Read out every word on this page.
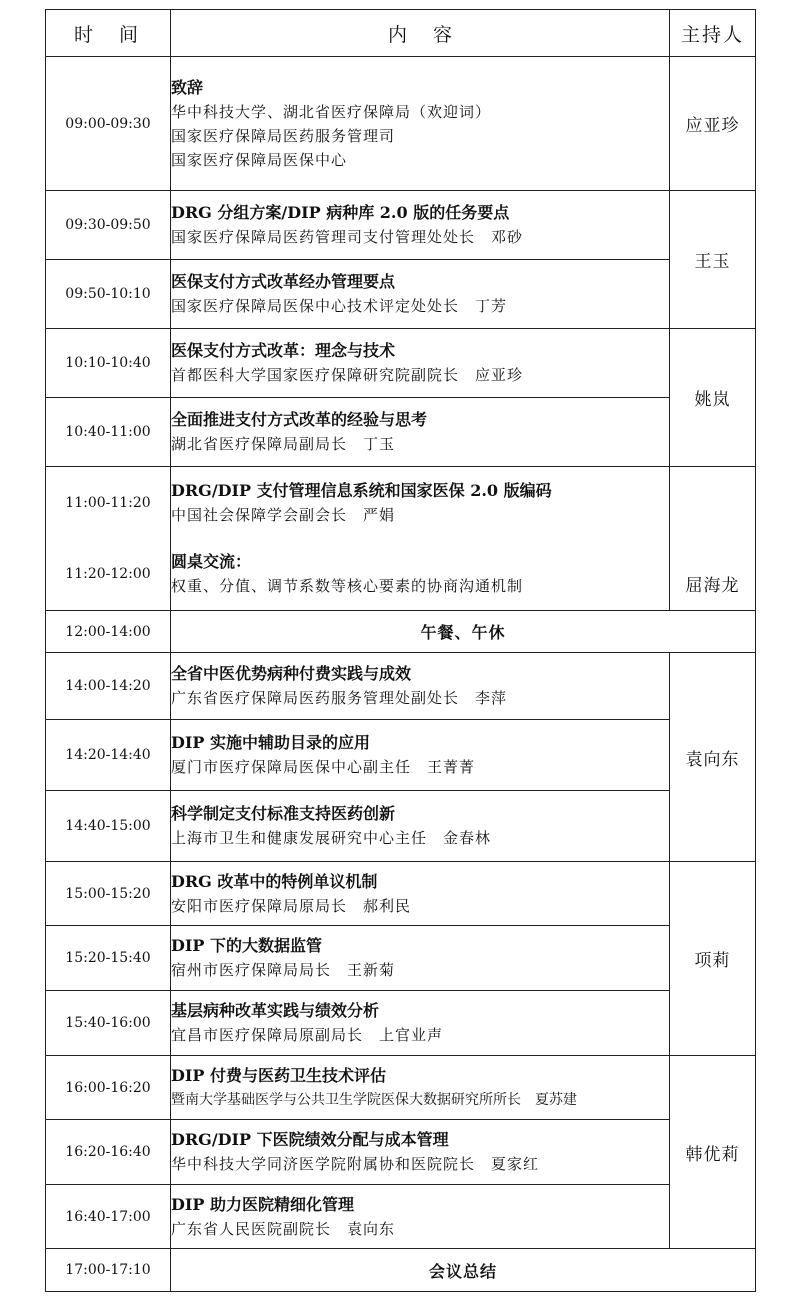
时间	内容	主持人
09:00-09:30	致辞
华中科技大学、湖北省医疗保障局（欢迎词）
国家医疗保障局医药服务管理司
国家医疗保障局医保中心	应亚珍
09:30-09:50	DRG 分组方案/DIP 病种库 2.0 版的任务要点
国家医疗保障局医药管理司支付管理处处长　邓砂	王玉
09:50-10:10	医保支付方式改革经办管理要点
国家医疗保障局医保中心技术评定处处长　丁芳	

10:10-10:40	医保支付方式改革：理念与技术
首都医科大学国家医疗保障研究院副院长　应亚珍	姚岚
10:40-11:00	全面推进支付方式改革的经验与思考
湖北省医疗保障局副局长　丁玉	

11:00-11:20	DRG/DIP 支付管理信息系统和国家医保 2.0 版编码
中国社会保障学会副会长　严娟	屈海龙
11:20-12:00	圆桌交流：
权重、分值、调节系数等核心要素的协商沟通机制	

12:00-14:00	午餐、午休	
14:00-14:20	全省中医优势病种付费实践与成效
广东省医疗保障局医药服务管理处副处长　李萍	袁向东
14:20-14:40	DIP 实施中辅助目录的应用
厦门市医疗保障局医保中心副主任　王菁菁	

14:40-15:00	科学制定支付标准支持医药创新
上海市卫生和健康发展研究中心主任　金春林	

15:00-15:20	DRG 改革中的特例单议机制
安阳市医疗保障局原局长　郝利民	项莉
15:20-15:40	DIP 下的大数据监管
宿州市医疗保障局局长　王新菊	

15:40-16:00	基层病种改革实践与绩效分析
宜昌市医疗保障局原副局长　上官业声	

16:00-16:20	DIP 付费与医药卫生技术评估
暨南大学基础医学与公共卫生学院医保大数据研究所所长　夏苏建	韩优莉
16:20-16:40	DRG/DIP 下医院绩效分配与成本管理
华中科技大学同济医学院附属协和医院院长　夏家红	

16:40-17:00	DIP 助力医院精细化管理
广东省人民医院副院长　袁向东	

17:00-17:10	会议总结	
